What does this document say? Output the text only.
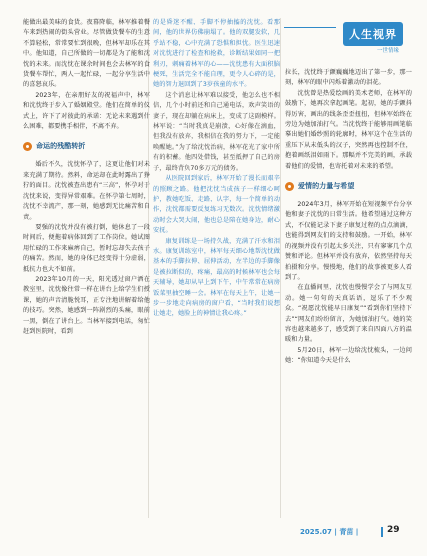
人生视界
一世情缘

能做出最美味的食货。夜幕降临，林军推着餐车来到热闹的街头营业。尽管做货餐车的生意不算轻松，常常要忙到很晚，但林军却乐在其中。他知道，自己所做的一切都是为了能和沈忱的未来。而沈忱在课余时间也会去林军的食货餐车帮忙，两人一起忙碌，一起分享生活中的喜怒哀乐。

2023年，在亲朋好友的祝福声中，林军和沈忱终于步入了婚姻殿堂。他们在简单的仪式上，许下了对彼此的承诺：无论未来遇到什么困难，都要携手相伴，不离不弃。

命运的残酷转折

婚后不久，沈忱怀孕了，这更让他们对未来充满了期待。然料，命运却在此时露出了狰狞的面目。沈忱被查出患有“三高”，怀孕对于沈忱来说，变得异常艰难。在怀孕第七周时，沈忱不幸流产，那一刻，她感到无比痛苦和自责。

要强的沈忱并没有被打倒，她休息了一段时间后，便拖着病体回到了工作岗位。她试图用忙碌的工作来麻痹自己，暂时忘却失去孩子的痛苦。然而，她的身体已经变得十分虚弱，抵抗力也大不如前。

2023年10月的一天，阳光透过窗户洒在教室里，沈忱像往常一样在讲台上给学生们授课，她的声音清脆悦耳，正专注地讲解着给他的技巧。突然，她感到一阵剧烈的头痛，眼前一黑，倒在了讲台上。当林军接到电话，匆忙赶到医院时，看到

的是昏迷不醒、手脚不停抽搐的沈忱。看那间，他的世界仿佛崩塌了。他的双腿发软，几乎站不稳，心中充满了恐惧和担忧。医生迅速对沈忱进行了检查和抢救，诊断结果如同一把利刃，刺痛着林军的心——沈忱患有大面积脑梗死，生活完全不能自理，更令人心碎的是，她的智力退回到了3岁孩童的水平。

这个消息让林军难以接受，他怎么也不相信，几个小时前还和自己通电话，欢声笑语的妻子，现在却躺在病床上，变成了这副模样。林军说：“当时我真是崩溃，心好像在滴血，但我没有放弃，我相信在我的努力下，一定能唤醒她。”为了给沈忱治病，林军花光了家中所有的积蓄。他四处借钱，甚至抵押了自己的房子，最终背负70多万元的债务。

从医院回到家后，林军开始了漫长而艰辛的照顾之路。他把沈忱当成孩子一样细心呵护，教她吃饭、走路、认字，每一个简单的动作，沈忱都需要反复练习无数次。沈忱情绪激动时会大哭大闹，他也总是陪在她身边，耐心安抚。

康复训练是一场持久战，充满了汗水和泪水。康复训练室中，林军每天细心地帮沈忱做基本的手脚拉伸、屈伸活动，左半边的手脚像是被拉断似的，疼痛，最高的时候林军也会每天辅导，她却从早上到下午，中午常常在病房饭菜里抽空睡一会。林军在每天上午，让她一步一步地走向病房的窗户看，“当时我们说想让她走，她脸上的神情让我心疼。”

拉长，沈忱终于颤巍巍地迈出了第一步，那一刻，林军的眼中闪烁着激动的泪花。

沈忱曾是热爱绘画的美术老师，在林军的鼓励下，她再次拿起画笔。起初，她的手颤抖得厉害，画出的线条歪歪扭扭，但林军始终在旁边为她加油打气。当沈忱终于能够用画笔临摹出她们婚纱照的轮廓时，林军这个在生活的重压下从未低头的汉子，突然再也控制不住，抱着画纸泪如雨下。那幅并不完美的画，承载着他们的爱情，也寄托着对未来的希望。

爱情的力量与希望

2024年3月，林军开始在短视频平台分享他和妻子沈忱的日常生活。他希望通过这种方式，不仅能记录下妻子康复过程的点点滴滴，也能得到网友们的支持和鼓励。一开始，林军的视频并没有引起太多关注，只有寥寥几个点赞和评论。但林军并没有放弃，依然坚持每天拍摄和分享。慢慢地，他们的故事被更多人看到了。

在直播间里，沈忱也慢慢学会了与网友互动。她一句句的天真话语，逗乐了不少观众。“祝愿沈忱能早日康复”“看到你们坚持下去”“网友们纷纷留言，为她加油打气。她的笑容也越来越多了，感受到了来自四面八方的温暖和力量。

5月20日，林军一边给沈忱梳头，一边问她：“你知道今天是什么

2025.07 | 青苗 |	29
